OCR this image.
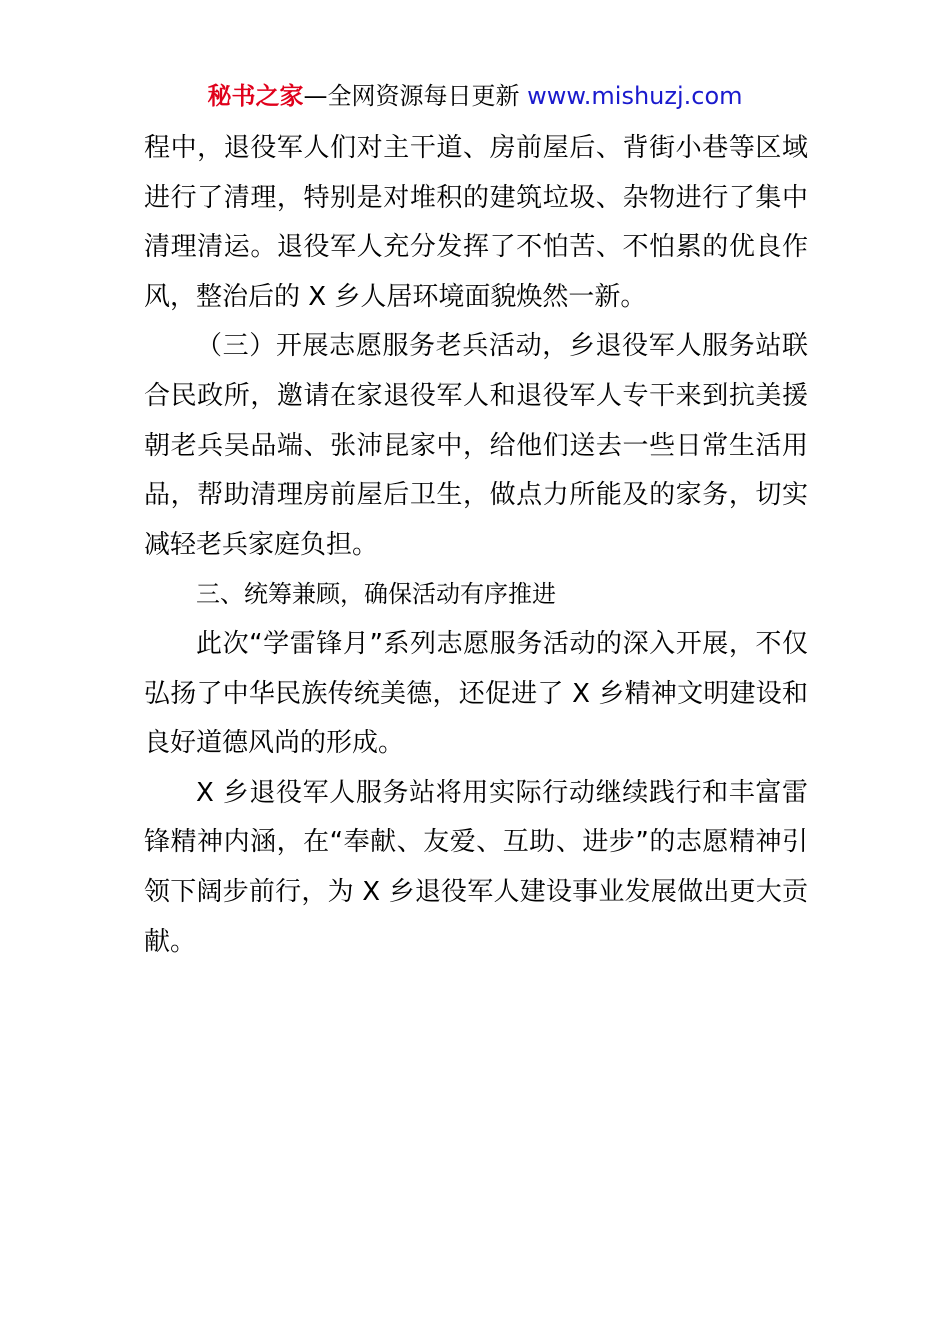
秘书之家—全网资源每日更新 www.mishuzj.com

程中，退役军人们对主干道、房前屋后、背街小巷等区域进行了清理，特别是对堆积的建筑垃圾、杂物进行了集中清理清运。退役军人充分发挥了不怕苦、不怕累的优良作风，整治后的 X 乡人居环境面貌焕然一新。

（三）开展志愿服务老兵活动，乡退役军人服务站联合民政所，邀请在家退役军人和退役军人专干来到抗美援朝老兵吴品端、张沛昆家中，给他们送去一些日常生活用品，帮助清理房前屋后卫生，做点力所能及的家务，切实减轻老兵家庭负担。

三、统筹兼顾，确保活动有序推进

此次“学雷锋月”系列志愿服务活动的深入开展，不仅弘扬了中华民族传统美德，还促进了 X 乡精神文明建设和良好道德风尚的形成。

X 乡退役军人服务站将用实际行动继续践行和丰富雷锋精神内涵，在“奉献、友爱、互助、进步”的志愿精神引领下阔步前行，为 X 乡退役军人建设事业发展做出更大贡献。
